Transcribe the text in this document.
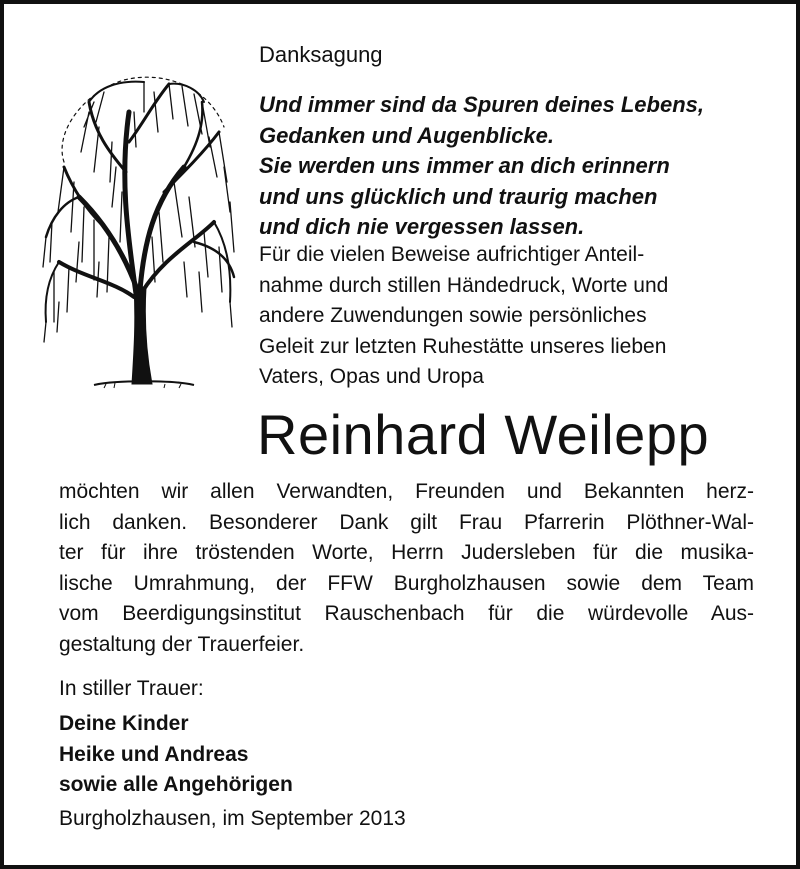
Danksagung
Und immer sind da Spuren deines Lebens,
Gedanken und Augenblicke.
Sie werden uns immer an dich erinnern
und uns glücklich und traurig machen
und dich nie vergessen lassen.
Für die vielen Beweise aufrichtiger Anteil-
nahme durch stillen Händedruck, Worte und
andere Zuwendungen sowie persönliches
Geleit zur letzten Ruhestätte unseres lieben
Vaters, Opas und Uropa
Reinhard Weilepp
möchten wir allen Verwandten, Freunden und Bekannten herz-
lich danken. Besonderer Dank gilt Frau Pfarrerin Plöthner-Wal-
ter für ihre tröstenden Worte, Herrn Judersleben für die musika-
lische Umrahmung, der FFW Burgholzhausen sowie dem Team
vom Beerdigungsinstitut Rauschenbach für die würdevolle Aus-
gestaltung der Trauerfeier.
In stiller Trauer:
Deine Kinder
Heike und Andreas
sowie alle Angehörigen
Burgholzhausen, im September 2013
